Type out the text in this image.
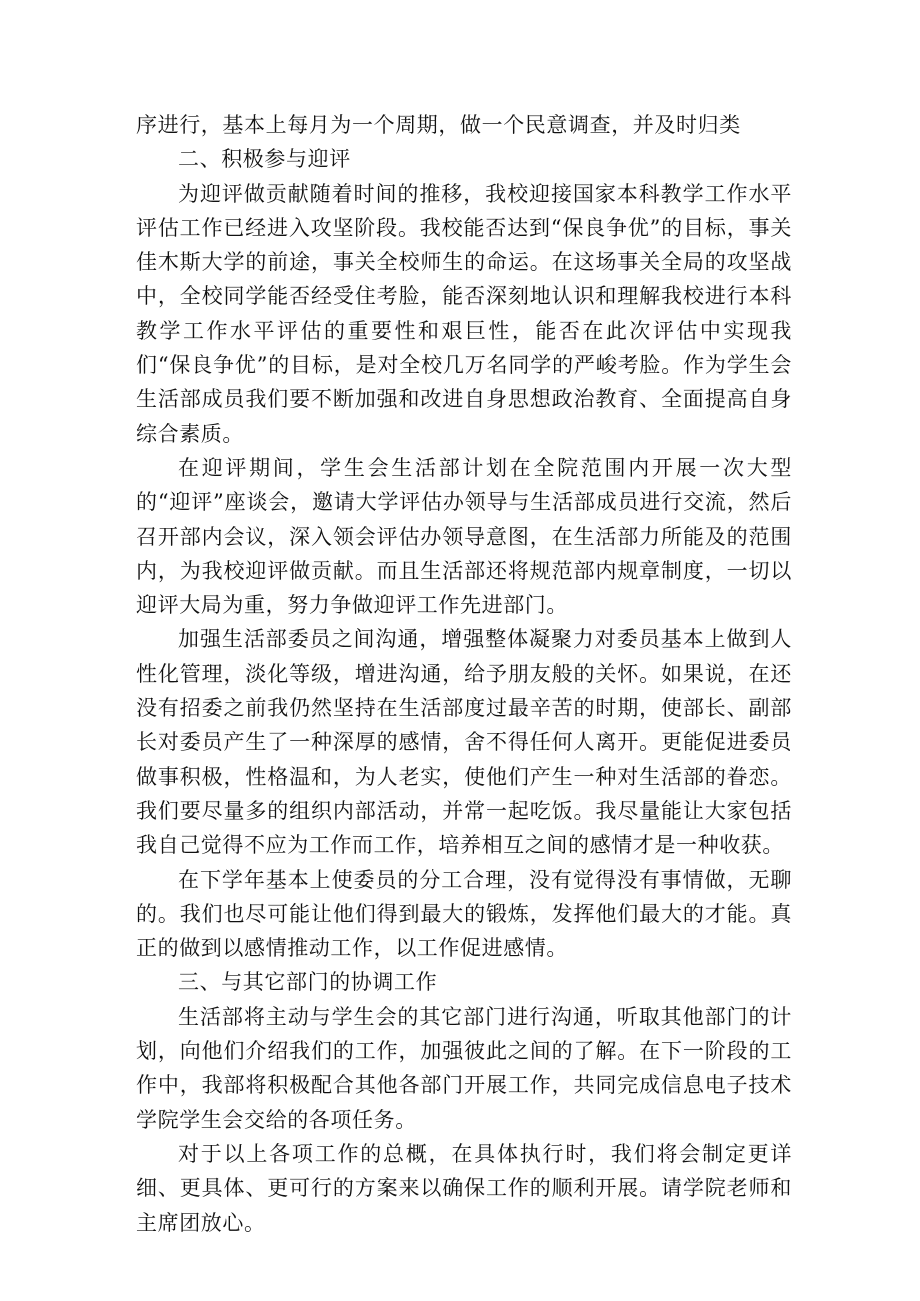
序进行，基本上每月为一个周期，做一个民意调查，并及时归类

二、积极参与迎评

为迎评做贡献随着时间的推移，我校迎接国家本科教学工作水平评估工作已经进入攻坚阶段。我校能否达到“保良争优”的目标，事关佳木斯大学的前途，事关全校师生的命运。在这场事关全局的攻坚战中，全校同学能否经受住考脸，能否深刻地认识和理解我校进行本科教学工作水平评估的重要性和艰巨性，能否在此次评估中实现我们“保良争优”的目标，是对全校几万名同学的严峻考脸。作为学生会生活部成员我们要不断加强和改进自身思想政治教育、全面提高自身综合素质。

在迎评期间，学生会生活部计划在全院范围内开展一次大型的“迎评”座谈会，邀请大学评估办领导与生活部成员进行交流，然后召开部内会议，深入领会评估办领导意图，在生活部力所能及的范围内，为我校迎评做贡献。而且生活部还将规范部内规章制度，一切以迎评大局为重，努力争做迎评工作先进部门。

加强生活部委员之间沟通，增强整体凝聚力对委员基本上做到人性化管理，淡化等级，增进沟通，给予朋友般的关怀。如果说，在还没有招委之前我仍然坚持在生活部度过最辛苦的时期，使部长、副部长对委员产生了一种深厚的感情，舍不得任何人离开。更能促进委员做事积极，性格温和，为人老实，使他们产生一种对生活部的眷恋。我们要尽量多的组织内部活动，并常一起吃饭。我尽量能让大家包括我自己觉得不应为工作而工作，培养相互之间的感情才是一种收获。

在下学年基本上使委员的分工合理，没有觉得没有事情做，无聊的。我们也尽可能让他们得到最大的锻炼，发挥他们最大的才能。真正的做到以感情推动工作，以工作促进感情。

三、与其它部门的协调工作

生活部将主动与学生会的其它部门进行沟通，听取其他部门的计划，向他们介绍我们的工作，加强彼此之间的了解。在下一阶段的工作中，我部将积极配合其他各部门开展工作，共同完成信息电子技术学院学生会交给的各项任务。

对于以上各项工作的总概，在具体执行时，我们将会制定更详细、更具体、更可行的方案来以确保工作的顺利开展。请学院老师和主席团放心。
